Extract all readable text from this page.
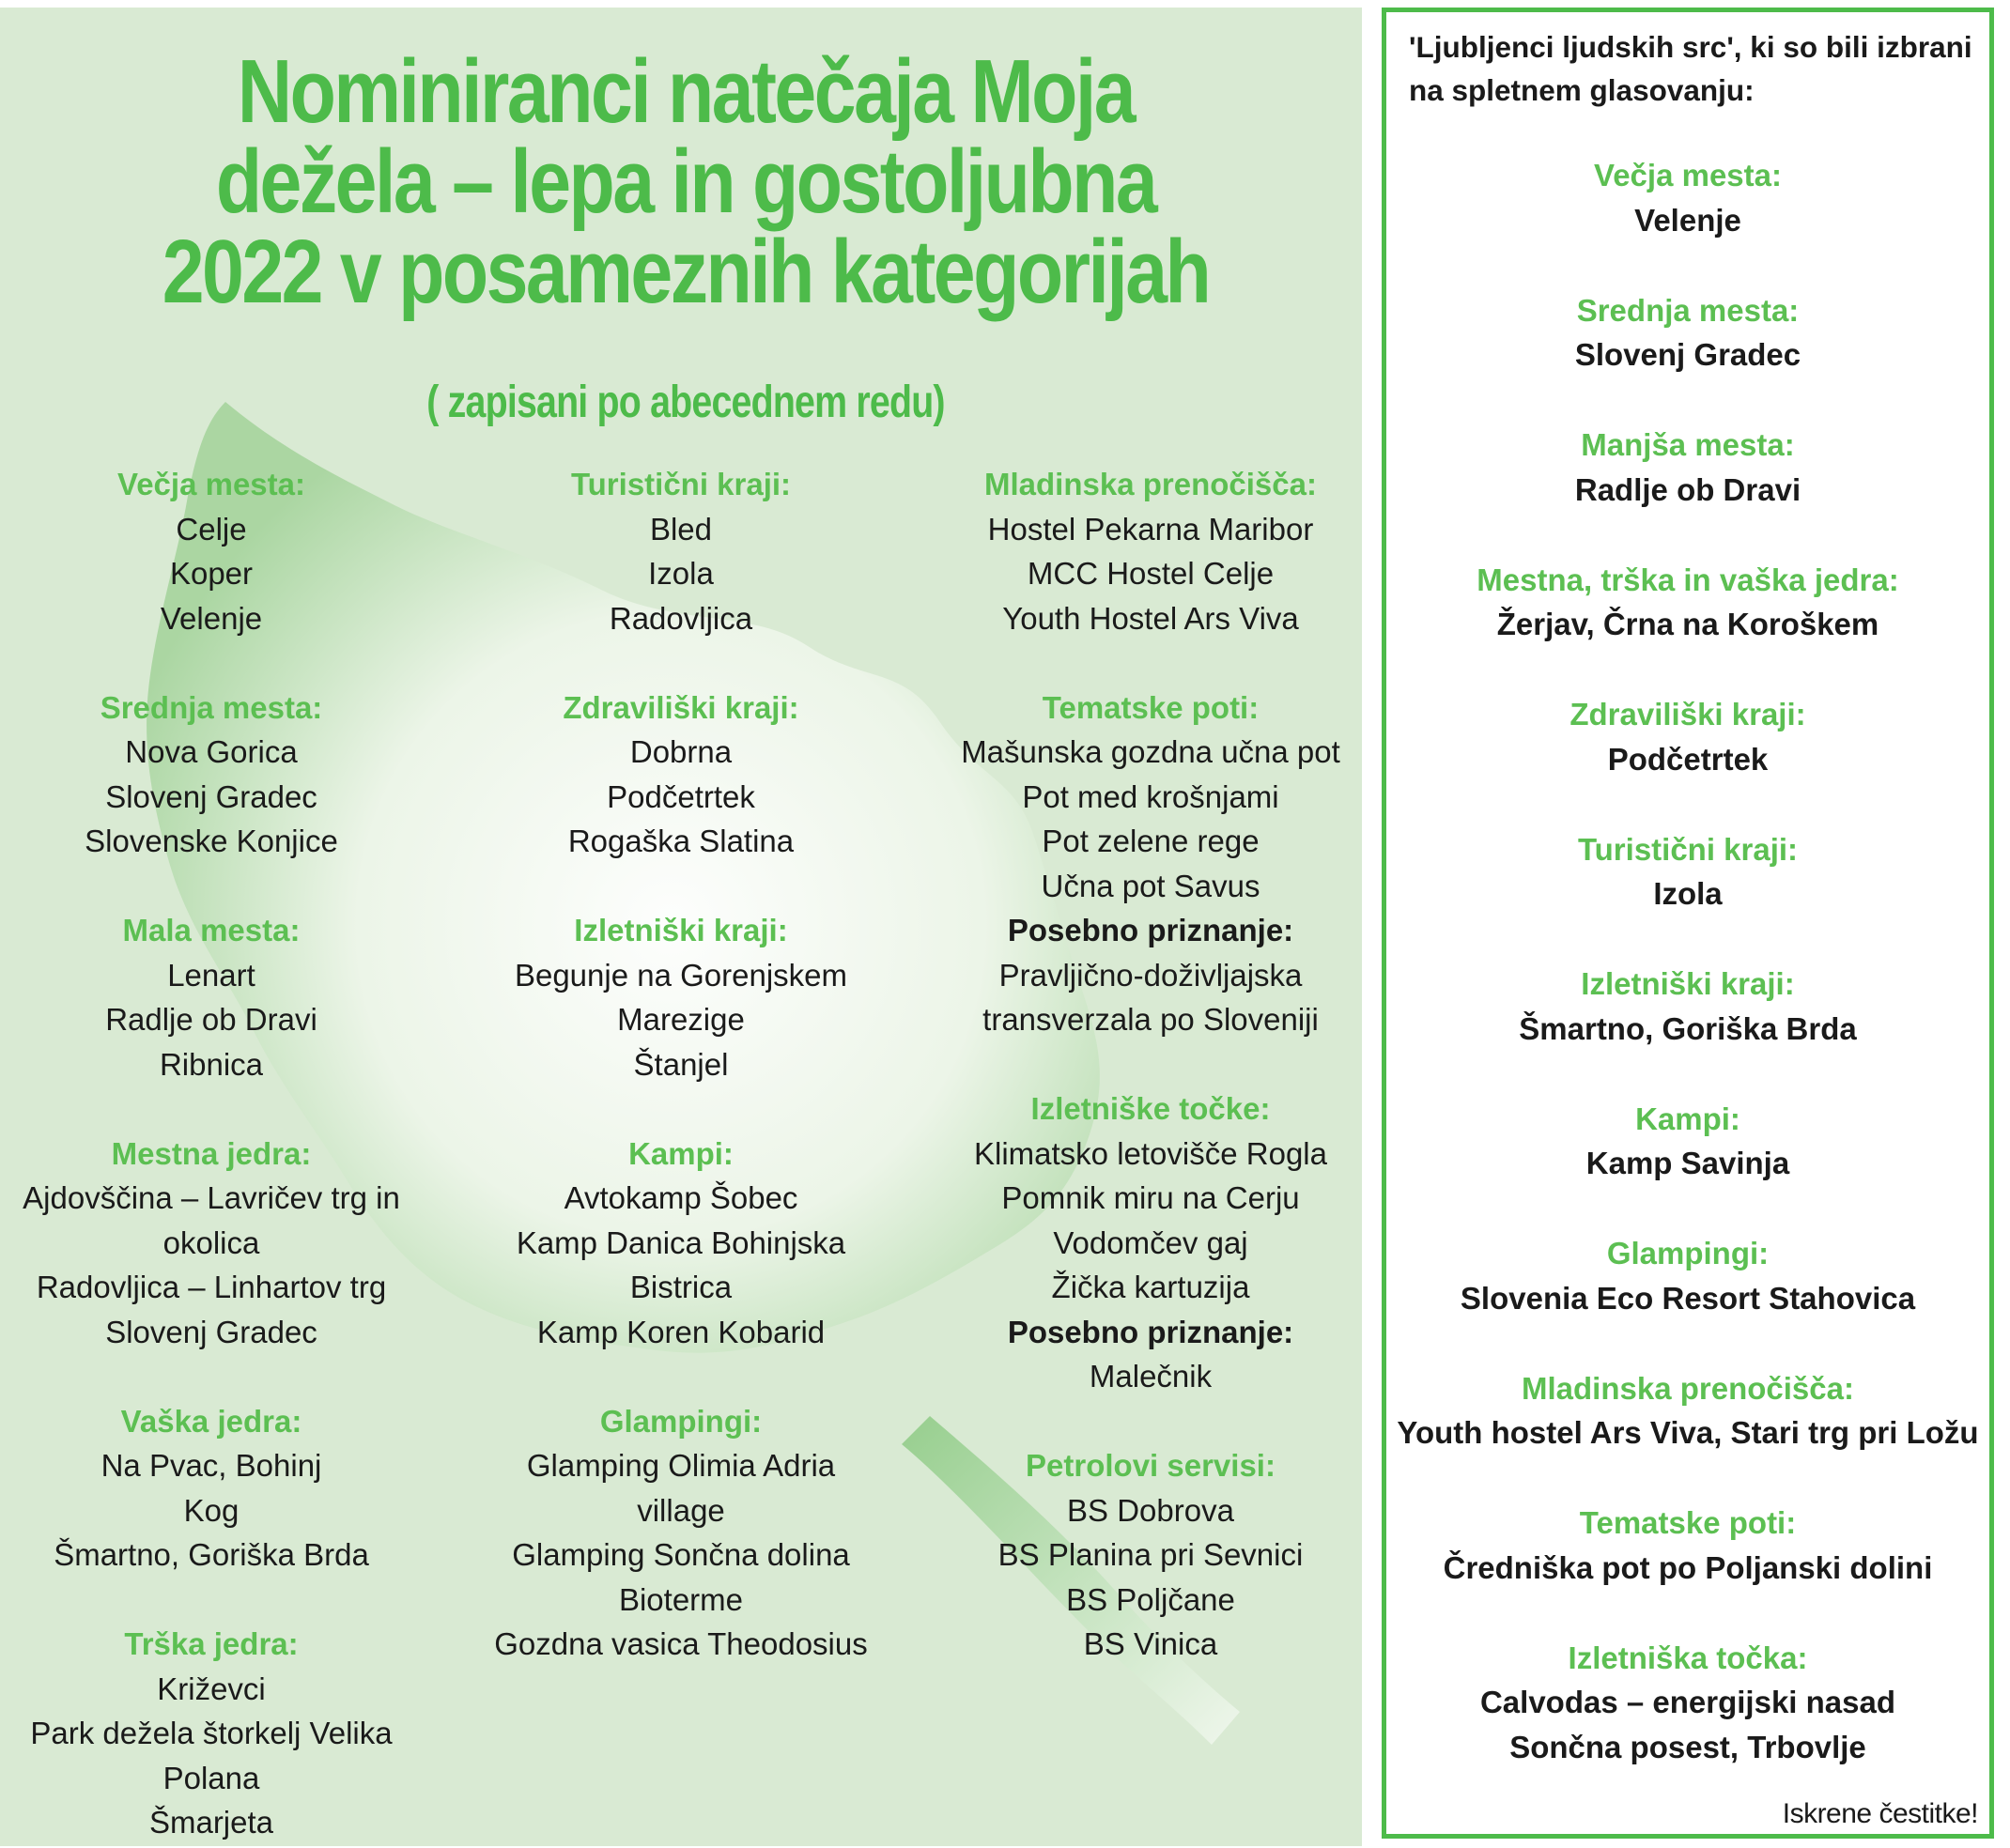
Nominiranci natečaja Moja
dežela – lepa in gostoljubna
2022 v posameznih kategorijah
( zapisani po abecednem redu)
Večja mesta:
Celje
Koper
Velenje
Srednja mesta:
Nova Gorica
Slovenj Gradec
Slovenske Konjice
Mala mesta:
Lenart
Radlje ob Dravi
Ribnica
Mestna jedra:
Ajdovščina – Lavričev trg in
okolica
Radovljica – Linhartov trg
Slovenj Gradec
Vaška jedra:
Na Pvac, Bohinj
Kog
Šmartno, Goriška Brda
Trška jedra:
Križevci
Park dežela štorkelj Velika
Polana
Šmarjeta
Turistični kraji:
Bled
Izola
Radovljica
Zdraviliški kraji:
Dobrna
Podčetrtek
Rogaška Slatina
Izletniški kraji:
Begunje na Gorenjskem
Marezige
Štanjel
Kampi:
Avtokamp Šobec
Kamp Danica Bohinjska
Bistrica
Kamp Koren Kobarid
Glampingi:
Glamping Olimia Adria
village
Glamping Sončna dolina
Bioterme
Gozdna vasica Theodosius
Mladinska prenočišča:
Hostel Pekarna Maribor
MCC Hostel Celje
Youth Hostel Ars Viva
Tematske poti:
Mašunska gozdna učna pot
Pot med krošnjami
Pot zelene rege
Učna pot Savus
Posebno priznanje:
Pravljično-doživljajska
transverzala po Sloveniji
Izletniške točke:
Klimatsko letovišče Rogla
Pomnik miru na Cerju
Vodomčev gaj
Žička kartuzija
Posebno priznanje:
Malečnik
Petrolovi servisi:
BS Dobrova
BS Planina pri Sevnici
BS Poljčane
BS Vinica
'Ljubljenci ljudskih src', ki so bili izbrani na spletnem glasovanju:
Večja mesta:
Velenje
Srednja mesta:
Slovenj Gradec
Manjša mesta:
Radlje ob Dravi
Mestna, trška in vaška jedra:
Žerjav, Črna na Koroškem
Zdraviliški kraji:
Podčetrtek
Turistični kraji:
Izola
Izletniški kraji:
Šmartno, Goriška Brda
Kampi:
Kamp Savinja
Glampingi:
Slovenia Eco Resort Stahovica
Mladinska prenočišča:
Youth hostel Ars Viva, Stari trg pri Ložu
Tematske poti:
Čredniška pot po Poljanski dolini
Izletniška točka:
Calvodas – energijski nasad Sončna posest, Trbovlje
Iskrene čestitke!
